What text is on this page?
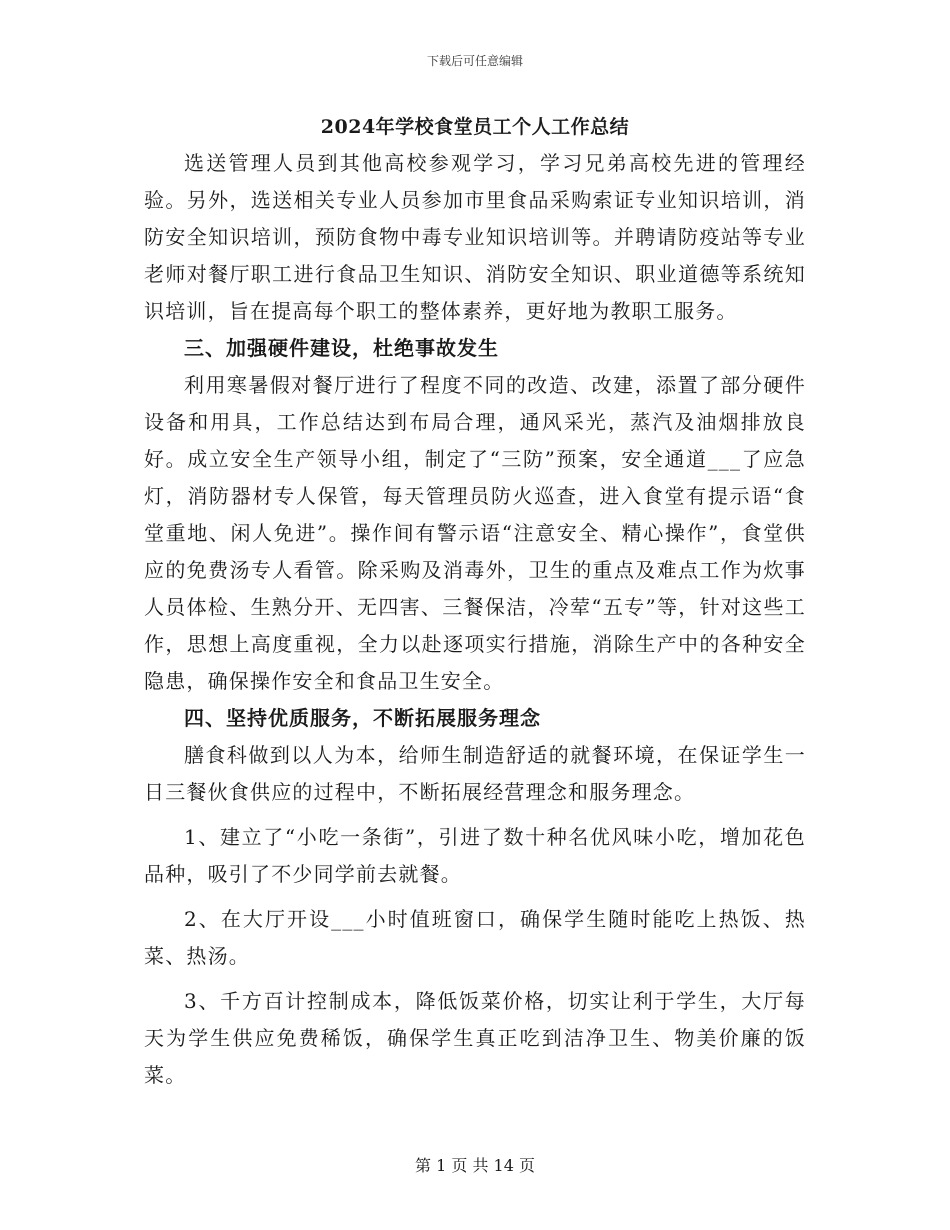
下载后可任意编辑
2024年学校食堂员工个人工作总结

选送管理人员到其他高校参观学习，学习兄弟高校先进的管理经验。另外，选送相关专业人员参加市里食品采购索证专业知识培训，消防安全知识培训，预防食物中毒专业知识培训等。并聘请防疫站等专业老师对餐厅职工进行食品卫生知识、消防安全知识、职业道德等系统知识培训，旨在提高每个职工的整体素养，更好地为教职工服务。

三、加强硬件建设，杜绝事故发生

利用寒暑假对餐厅进行了程度不同的改造、改建，添置了部分硬件设备和用具，工作总结达到布局合理，通风采光，蒸汽及油烟排放良好。成立安全生产领导小组，制定了“三防”预案，安全通道___了应急灯，消防器材专人保管，每天管理员防火巡查，进入食堂有提示语“食堂重地、闲人免进”。操作间有警示语“注意安全、精心操作”，食堂供应的免费汤专人看管。除采购及消毒外，卫生的重点及难点工作为炊事人员体检、生熟分开、无四害、三餐保洁，冷荤“五专”等，针对这些工作，思想上高度重视，全力以赴逐项实行措施，消除生产中的各种安全隐患，确保操作安全和食品卫生安全。

四、坚持优质服务，不断拓展服务理念

膳食科做到以人为本，给师生制造舒适的就餐环境，在保证学生一日三餐伙食供应的过程中，不断拓展经营理念和服务理念。

1、建立了“小吃一条街”，引进了数十种名优风味小吃，增加花色品种，吸引了不少同学前去就餐。

2、在大厅开设___小时值班窗口，确保学生随时能吃上热饭、热菜、热汤。

3、千方百计控制成本，降低饭菜价格，切实让利于学生，大厅每天为学生供应免费稀饭，确保学生真正吃到洁净卫生、物美价廉的饭菜。

第 1 页 共 14 页
